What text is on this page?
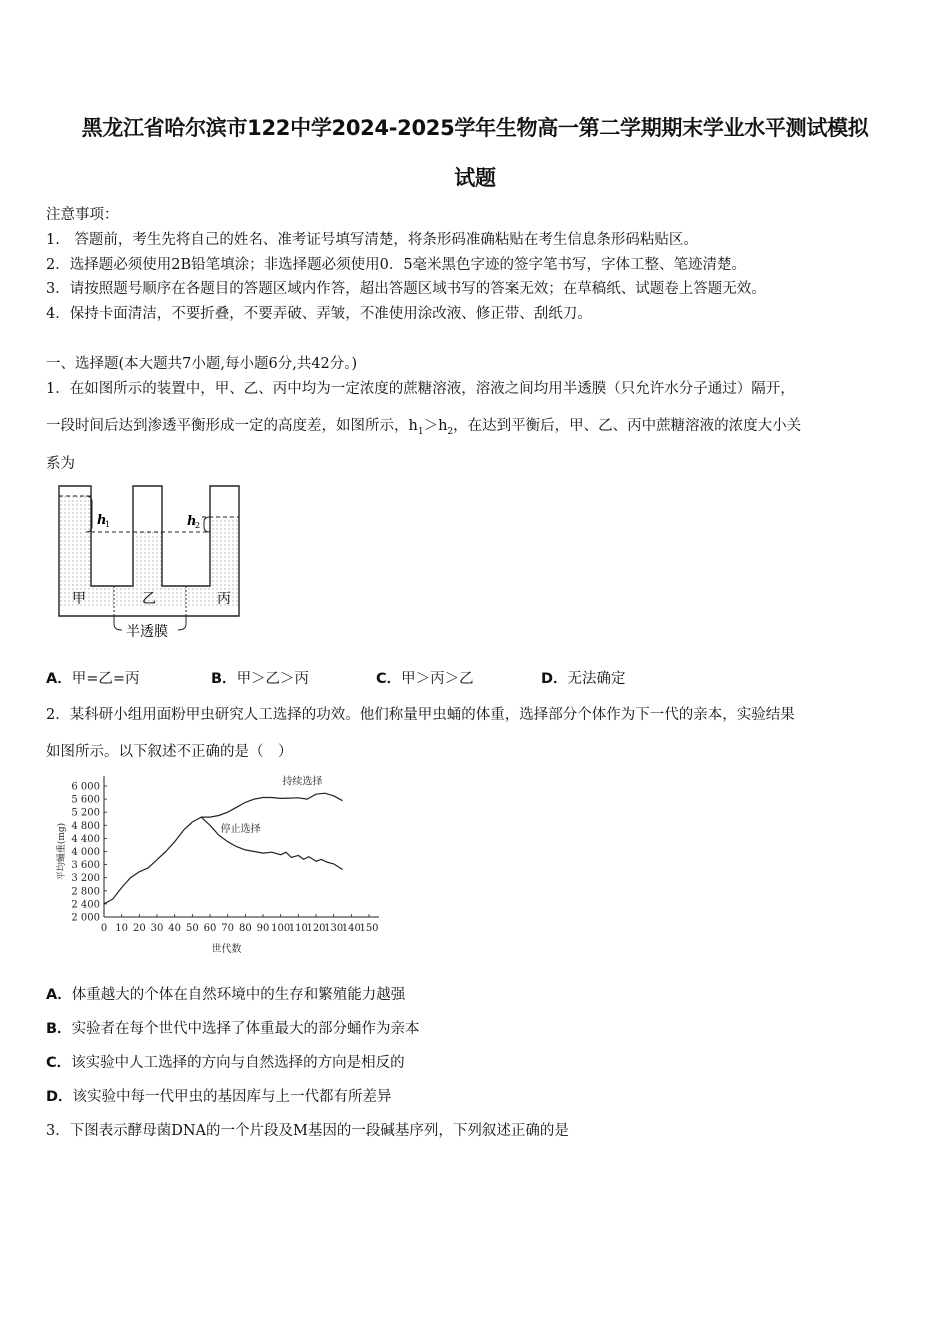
黑龙江省哈尔滨市122中学2024-2025学年生物高一第二学期期末学业水平测试模拟
试题
注意事项：
1.　答题前，考生先将自己的姓名、准考证号填写清楚，将条形码准确粘贴在考生信息条形码粘贴区。
2．选择题必须使用2B铅笔填涂；非选择题必须使用0．5毫米黑色字迹的签字笔书写，字体工整、笔迹清楚。
3．请按照题号顺序在各题目的答题区域内作答，超出答题区域书写的答案无效；在草稿纸、试题卷上答题无效。
4．保持卡面清洁，不要折叠，不要弄破、弄皱，不准使用涂改液、修正带、刮纸刀。
一、选择题(本大题共7小题,每小题6分,共42分。)
1．在如图所示的装置中，甲、乙、丙中均为一定浓度的蔗糖溶液，溶液之间均用半透膜（只允许水分子通过）隔开，
一段时间后达到渗透平衡形成一定的高度差，如图所示，$h_1>h_2$，在达到平衡后，甲、乙、丙中蔗糖溶液的浓度大小关
系为
h
1	h
2
甲	乙	丙
半透膜
A．甲=乙=丙	B．甲＞乙＞丙	C．甲＞丙＞乙	D．无法确定
2．某科研小组用面粉甲虫研究人工选择的功效。他们称量甲虫蛹的体重，选择部分个体作为下一代的亲本，实验结果
如图所示。以下叙述不正确的是（　）
2 000
2 400
2 800
3 200
3 600
4 000
4 400
4 800
5 200
5 600
6 000
0 10 20 30 40 50 60 70 80 90 100
110
120
130
140
150
世代数
平均蛹重(mg)
持续选择
停止选择
A．体重越大的个体在自然环境中的生存和繁殖能力越强
B．实验者在每个世代中选择了体重最大的部分蛹作为亲本
C．该实验中人工选择的方向与自然选择的方向是相反的
D．该实验中每一代甲虫的基因库与上一代都有所差异
3．下图表示酵母菌DNA的一个片段及M基因的一段碱基序列，下列叙述正确的是
